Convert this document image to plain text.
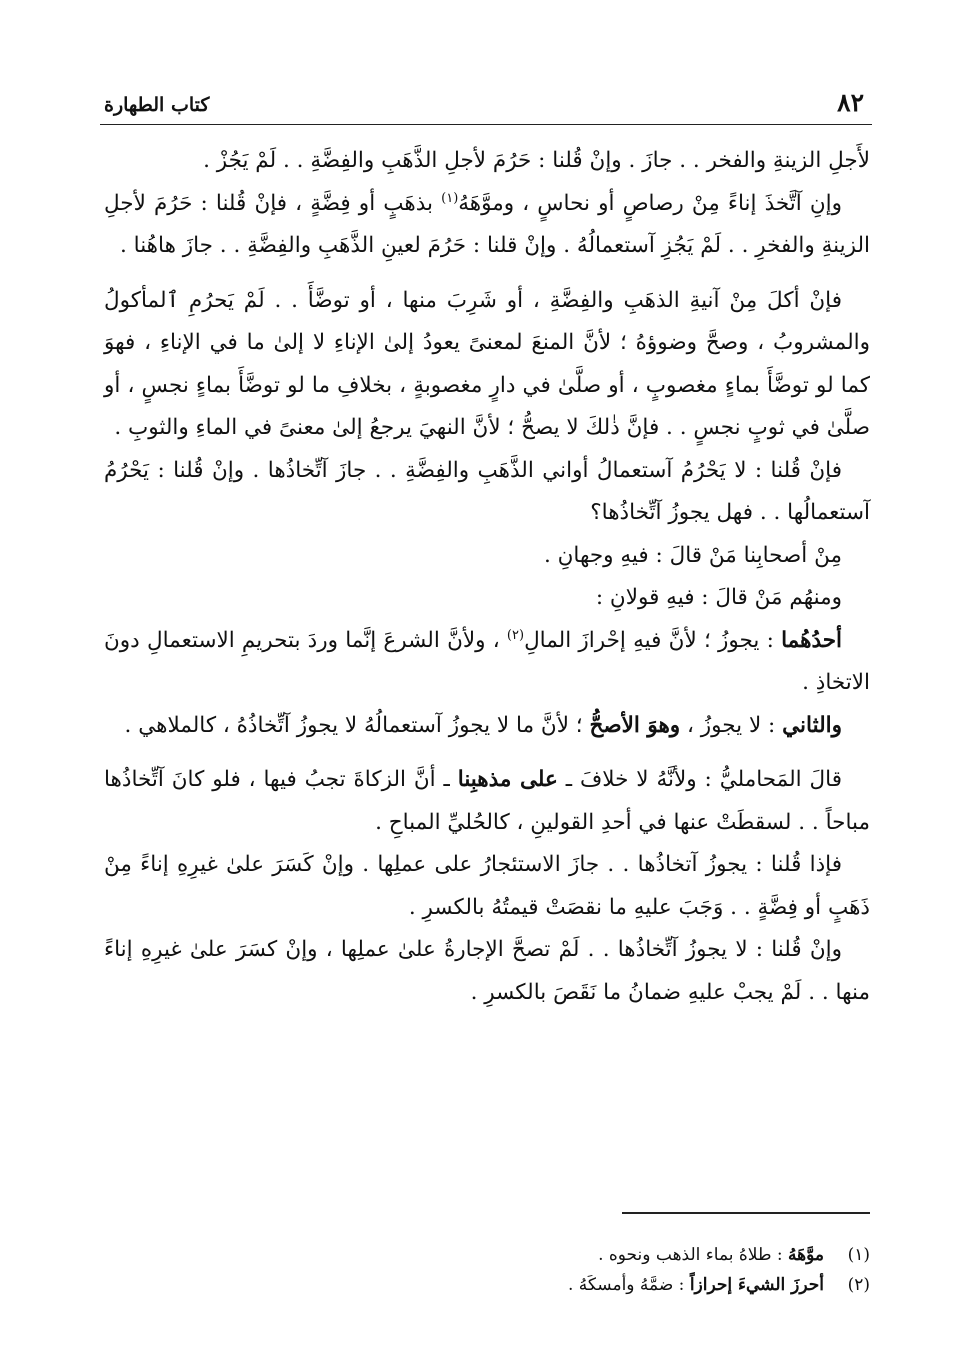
٨٢
كتاب الطهارة

لأَجلِ الزينةِ والفخر . . جازَ . وإنْ قُلنا : حَرُمَ لأجلِ الذَّهَبِ والفِضَّةِ . . لَمْ يَجُزْ .

وإنِ آتَّخذَ إناءً مِنْ رصاصٍ أو نحاسٍ ، وموَّهَهُ$^{(١)}$ بذهَبٍ أو فِضَّةٍ ، فإنْ قُلنا : حَرُمَ لأجلِ الزينةِ والفخرِ . . لَمْ يَجُزِ آستعمالُهُ . وإنْ قلنا : حَرُمَ لعينِ الذَّهَبِ والفِضَّةِ . . جازَ هاهُنا .

فإنْ أكلَ مِنْ آنيةِ الذهَبِ والفِضَّةِ ، أو شَرِبَ منها ، أو توضَّأَ . . لَمْ يَحرُمِ ٱلمأكولُ والمشروبُ ، وصحَّ وضوؤهُ ؛ لأنَّ المنعَ لمعنىً يعودُ إلىٰ الإناءِ لا إلىٰ ما في الإناءِ ، فهوَ كما لو توضَّأَ بماءٍ مغصوبٍ ، أو صلَّىٰ في دارٍ مغصوبةٍ ، بخلافِ ما لو توضَّأَ بماءٍ نجسٍ ، أو صلَّىٰ في ثوبٍ نجسٍ . . فإنَّ ذٰلكَ لا يصحُّ ؛ لأنَّ النهيَ يرجعُ إلىٰ معنىً في الماءِ والثوبِ .

فإنْ قُلنا : لا يَحْرُمُ آستعمالُ أواني الذَّهَبِ والفِضَّةِ . . جازَ آتِّخاذُها . وإنْ قُلنا : يَحْرُمُ آستعمالُها . . فهل يجوزُ آتِّخاذُها؟

مِنْ أصحابِنا مَنْ قالَ : فيهِ وجهانِ .

ومنهُم مَنْ قالَ : فيهِ قولانِ :

أحدُهُما : يجوزُ ؛ لأنَّ فيهِ إحْرازَ المالِ$^{(٢)}$ ، ولأنَّ الشرعَ إنَّما وردَ بتحريمِ الاستعمالِ دونَ الاتخاذِ .

والثاني : لا يجوزُ ، وهوَ الأصحُّ ؛ لأنَّ ما لا يجوزُ آستعمالُهُ لا يجوزُ آتِّخاذُهُ ، كالملاهي .

قالَ المَحامليُّ : ولأنَّهُ لا خلافَ ـ على مذهبِنا ـ أنَّ الزكاةَ تجبُ فيها ، فلو كانَ آتِّخاذُها مباحاً . . لسقطَتْ عنها في أحدِ القولينِ ، كالحُليِّ المباحِ .

فإذا قُلنا : يجوزُ آتخاذُها . . جازَ الاستئجارُ على عملِها . وإنْ كَسَرَ علىٰ غيرِهِ إناءً مِنْ ذَهَبٍ أو فِضَّةٍ . . وَجَبَ عليهِ ما نقصَتْ قيمتُهُ بالكسرِ .

وإنْ قُلنا : لا يجوزُ آتِّخاذُها . . لَمْ تصحَّ الإجارةُ علىٰ عملِها ، وإنْ كسَرَ علىٰ غيرِهِ إناءً منها . . لَمْ يجبْ عليهِ ضمانُ ما نَقَصَ بالكسرِ .

(١)
موَّهَهُ : طلاهُ بماء الذهب ونحوه .
(٢)
أحرزَ الشيءَ إحرازاً : ضمَّهُ وأمسكَهُ .
